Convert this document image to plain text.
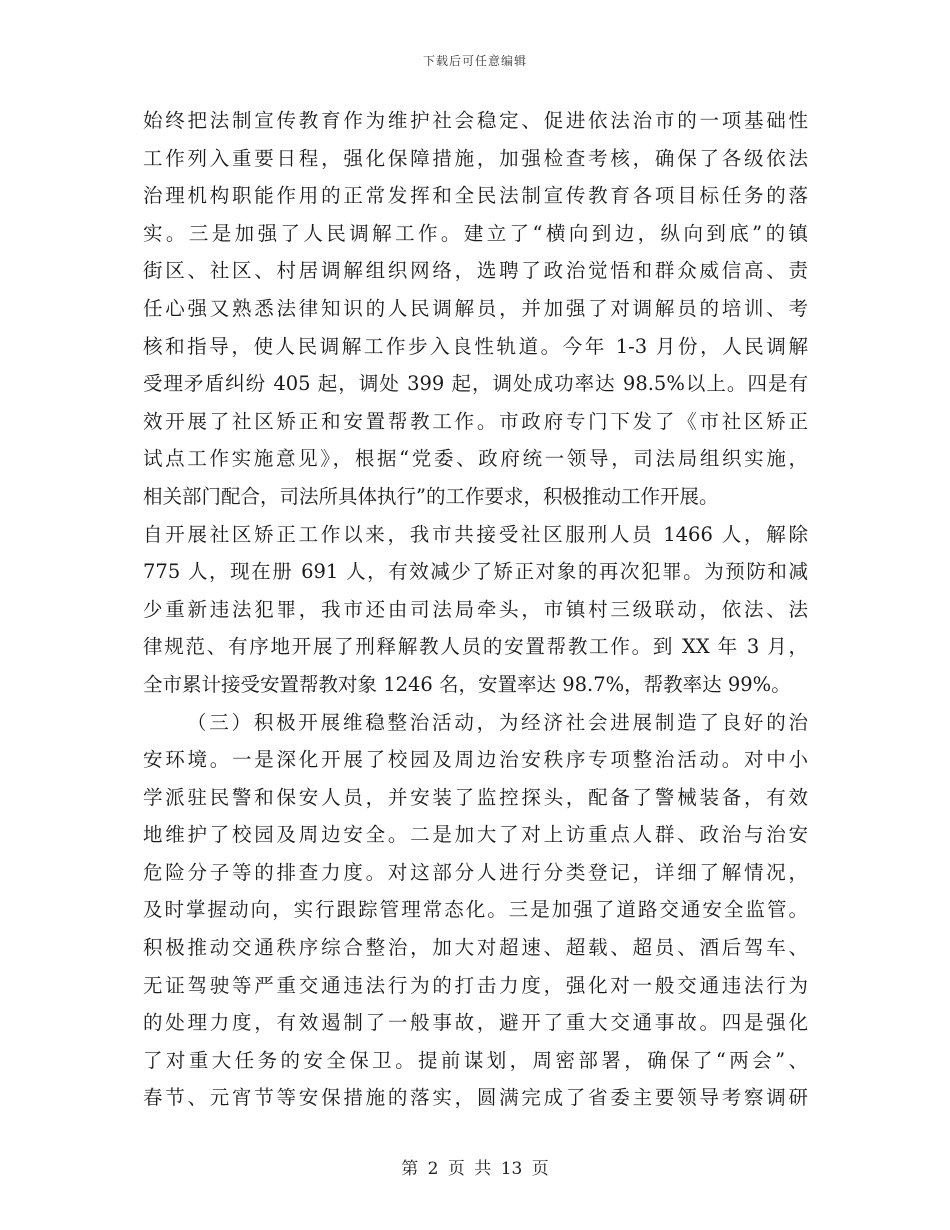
下载后可任意编辑
始终把法制宣传教育作为维护社会稳定、促进依法治市的一项基础性
工作列入重要日程，强化保障措施，加强检查考核，确保了各级依法
治理机构职能作用的正常发挥和全民法制宣传教育各项目标任务的落
实。三是加强了人民调解工作。建立了“横向到边，纵向到底”的镇
街区、社区、村居调解组织网络，选聘了政治觉悟和群众威信高、责
任心强又熟悉法律知识的人民调解员，并加强了对调解员的培训、考
核和指导，使人民调解工作步入良性轨道。今年 1-3 月份，人民调解
受理矛盾纠纷 405 起，调处 399 起，调处成功率达 98.5%以上。四是有
效开展了社区矫正和安置帮教工作。市政府专门下发了《市社区矫正
试点工作实施意见》，根据“党委、政府统一领导，司法局组织实施，
相关部门配合，司法所具体执行”的工作要求，积极推动工作开展。
自开展社区矫正工作以来，我市共接受社区服刑人员 1466 人，解除
775 人，现在册 691 人，有效减少了矫正对象的再次犯罪。为预防和减
少重新违法犯罪，我市还由司法局牵头，市镇村三级联动，依法、法
律规范、有序地开展了刑释解教人员的安置帮教工作。到 XX 年 3 月，
全市累计接受安置帮教对象 1246 名，安置率达 98.7%，帮教率达 99%。
（三）积极开展维稳整治活动，为经济社会进展制造了良好的治
安环境。一是深化开展了校园及周边治安秩序专项整治活动。对中小
学派驻民警和保安人员，并安装了监控探头，配备了警械装备，有效
地维护了校园及周边安全。二是加大了对上访重点人群、政治与治安
危险分子等的排查力度。对这部分人进行分类登记，详细了解情况，
及时掌握动向，实行跟踪管理常态化。三是加强了道路交通安全监管。
积极推动交通秩序综合整治，加大对超速、超载、超员、酒后驾车、
无证驾驶等严重交通违法行为的打击力度，强化对一般交通违法行为
的处理力度，有效遏制了一般事故，避开了重大交通事故。四是强化
了对重大任务的安全保卫。提前谋划，周密部署，确保了“两会”、
春节、元宵节等安保措施的落实，圆满完成了省委主要领导考察调研
第 2 页 共 13 页
